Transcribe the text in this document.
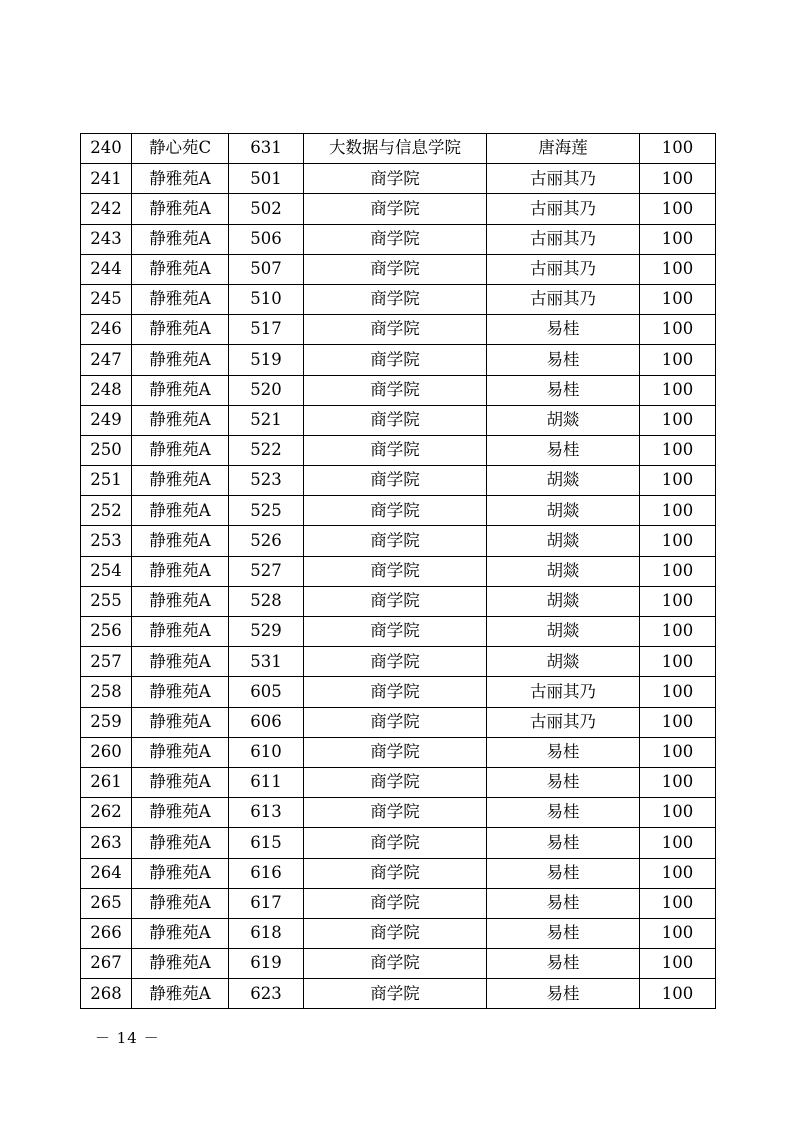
240	静心苑C	631	大数据与信息学院	唐海莲	100
241	静雅苑A	501	商学院	古丽其乃	100
242	静雅苑A	502	商学院	古丽其乃	100
243	静雅苑A	506	商学院	古丽其乃	100
244	静雅苑A	507	商学院	古丽其乃	100
245	静雅苑A	510	商学院	古丽其乃	100
246	静雅苑A	517	商学院	易桂	100
247	静雅苑A	519	商学院	易桂	100
248	静雅苑A	520	商学院	易桂	100
249	静雅苑A	521	商学院	胡燚	100
250	静雅苑A	522	商学院	易桂	100
251	静雅苑A	523	商学院	胡燚	100
252	静雅苑A	525	商学院	胡燚	100
253	静雅苑A	526	商学院	胡燚	100
254	静雅苑A	527	商学院	胡燚	100
255	静雅苑A	528	商学院	胡燚	100
256	静雅苑A	529	商学院	胡燚	100
257	静雅苑A	531	商学院	胡燚	100
258	静雅苑A	605	商学院	古丽其乃	100
259	静雅苑A	606	商学院	古丽其乃	100
260	静雅苑A	610	商学院	易桂	100
261	静雅苑A	611	商学院	易桂	100
262	静雅苑A	613	商学院	易桂	100
263	静雅苑A	615	商学院	易桂	100
264	静雅苑A	616	商学院	易桂	100
265	静雅苑A	617	商学院	易桂	100
266	静雅苑A	618	商学院	易桂	100
267	静雅苑A	619	商学院	易桂	100
268	静雅苑A	623	商学院	易桂	100
－ 14 －
